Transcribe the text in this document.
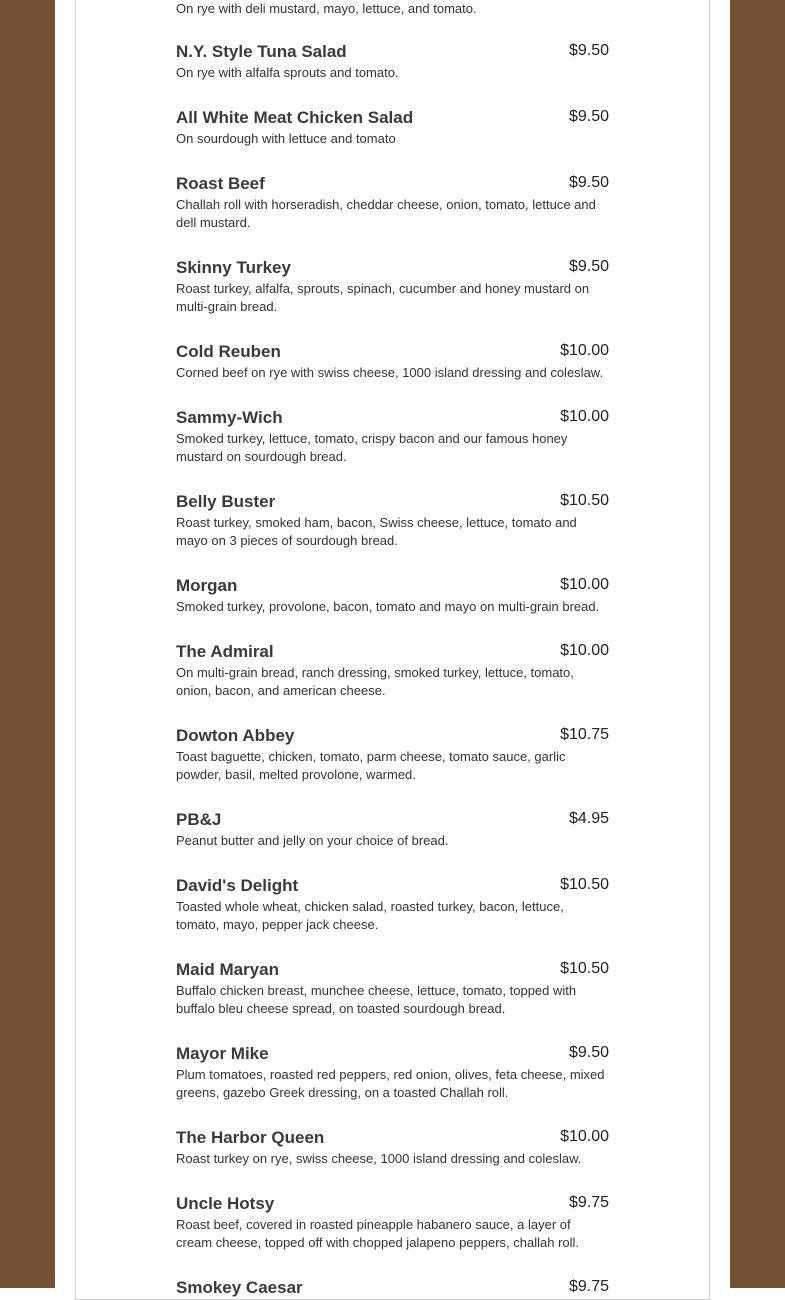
On rye with deli mustard, mayo, lettuce, and tomato.
N.Y. Style Tuna Salad	$9.50
On rye with alfalfa sprouts and tomato.
All White Meat Chicken Salad	$9.50
On sourdough with lettuce and tomato
Roast Beef	$9.50
Challah roll with horseradish, cheddar cheese, onion, tomato, lettuce and dell mustard.
Skinny Turkey	$9.50
Roast turkey, alfalfa, sprouts, spinach, cucumber and honey mustard on multi-grain bread.
Cold Reuben	$10.00
Corned beef on rye with swiss cheese, 1000 island dressing and coleslaw.
Sammy-Wich	$10.00
Smoked turkey, lettuce, tomato, crispy bacon and our famous honey mustard on sourdough bread.
Belly Buster	$10.50
Roast turkey, smoked ham, bacon, Swiss cheese, lettuce, tomato and mayo on 3 pieces of sourdough bread.
Morgan	$10.00
Smoked turkey, provolone, bacon, tomato and mayo on multi-grain bread.
The Admiral	$10.00
On multi-grain bread, ranch dressing, smoked turkey, lettuce, tomato, onion, bacon, and american cheese.
Dowton Abbey	$10.75
Toast baguette, chicken, tomato, parm cheese, tomato sauce, garlic powder, basil, melted provolone, warmed.
PB&J	$4.95
Peanut butter and jelly on your choice of bread.
David's Delight	$10.50
Toasted whole wheat, chicken salad, roasted turkey, bacon, lettuce, tomato, mayo, pepper jack cheese.
Maid Maryan	$10.50
Buffalo chicken breast, munchee cheese, lettuce, tomato, topped with buffalo bleu cheese spread, on toasted sourdough bread.
Mayor Mike	$9.50
Plum tomatoes, roasted red peppers, red onion, olives, feta cheese, mixed greens, gazebo Greek dressing, on a toasted Challah roll.
The Harbor Queen	$10.00
Roast turkey on rye, swiss cheese, 1000 island dressing and coleslaw.
Uncle Hotsy	$9.75
Roast beef, covered in roasted pineapple habanero sauce, a layer of cream cheese, topped off with chopped jalapeno peppers, challah roll.
Smokey Caesar	$9.75
